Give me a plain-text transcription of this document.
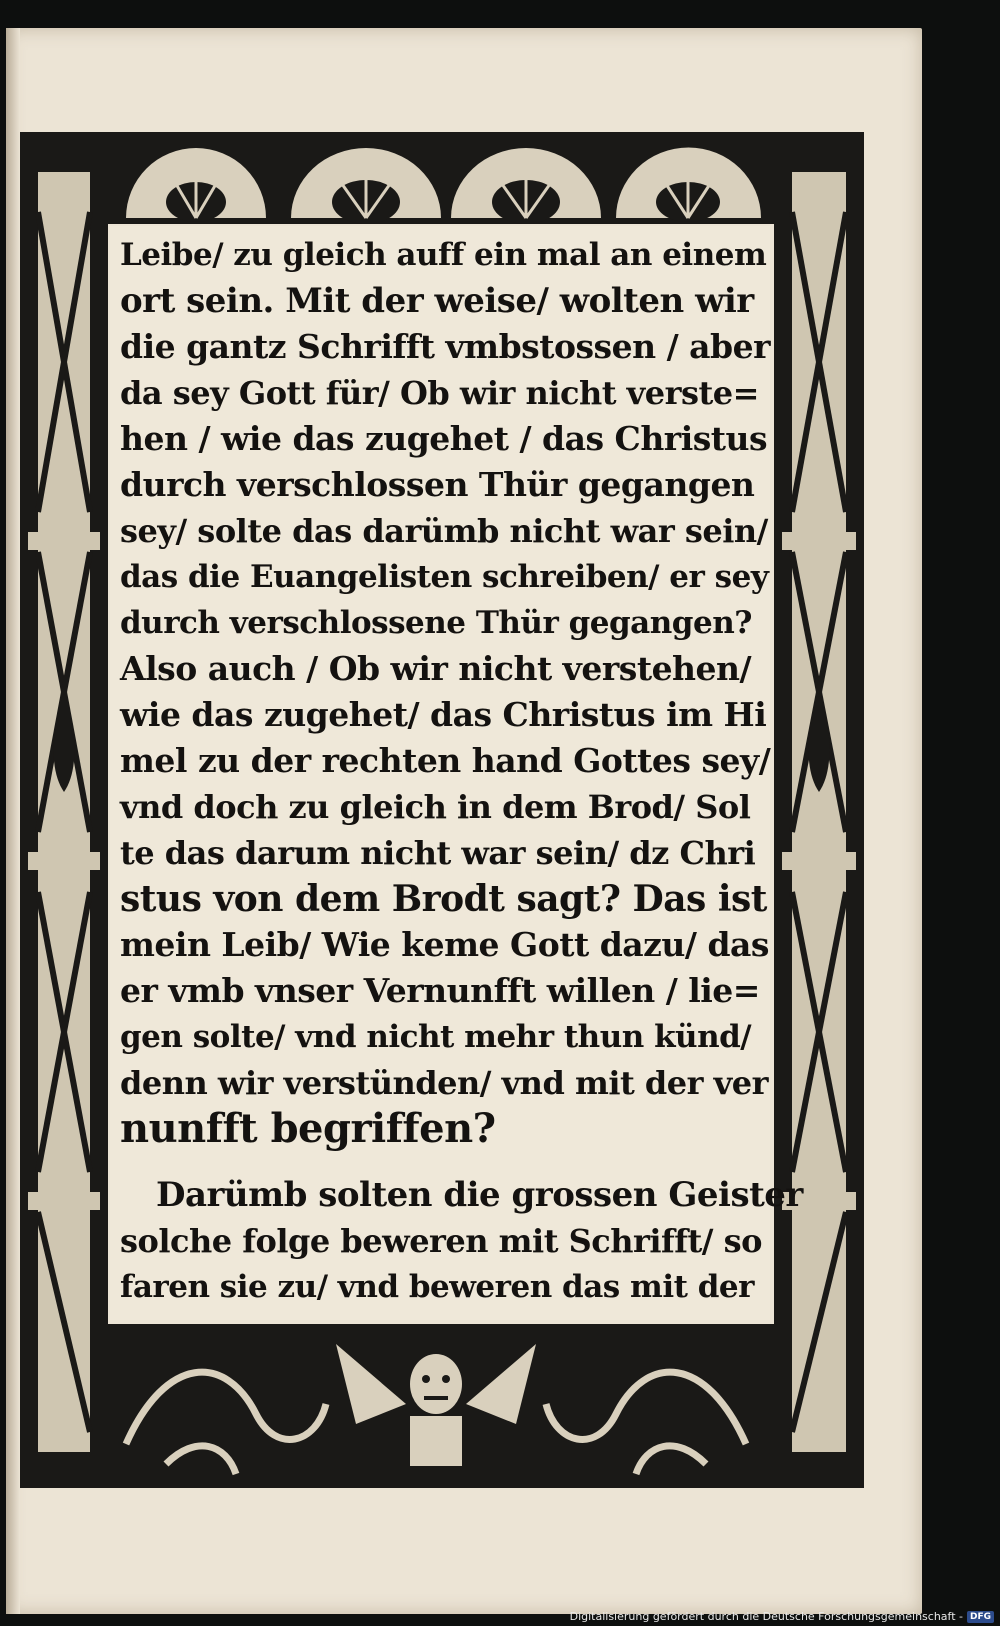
Leibe/ zu gleich auff ein mal an einem
ort sein. Mit der weise/ wolten wir
die gantz Schrifft vmbstossen / aber
da sey Gott für/ Ob wir nicht verste=
hen / wie das zugehet / das Christus
durch verschlossen Thür gegangen
sey/ solte das darümb nicht war sein/
das die Euangelisten schreiben/ er sey
durch verschlossene Thür gegangen?
Also auch / Ob wir nicht verstehen/
wie das zugehet/ das Christus im Hi
mel zu der rechten hand Gottes sey/
vnd doch zu gleich in dem Brod/ Sol
te das darum nicht war sein/ dz Chri
stus von dem Brodt sagt? Das ist
mein Leib/ Wie keme Gott dazu/ das
er vmb vnser Vernunfft willen / lie=
gen solte/ vnd nicht mehr thun künd/
denn wir verstünden/ vnd mit der ver
nunfft begriffen?
Darümb solten die grossen Geister
solche folge beweren mit Schrifft/ so
faren sie zu/ vnd beweren das mit der
Digitalisierung gefördert durch die Deutsche Forschungsgemeinschaft - DFG
